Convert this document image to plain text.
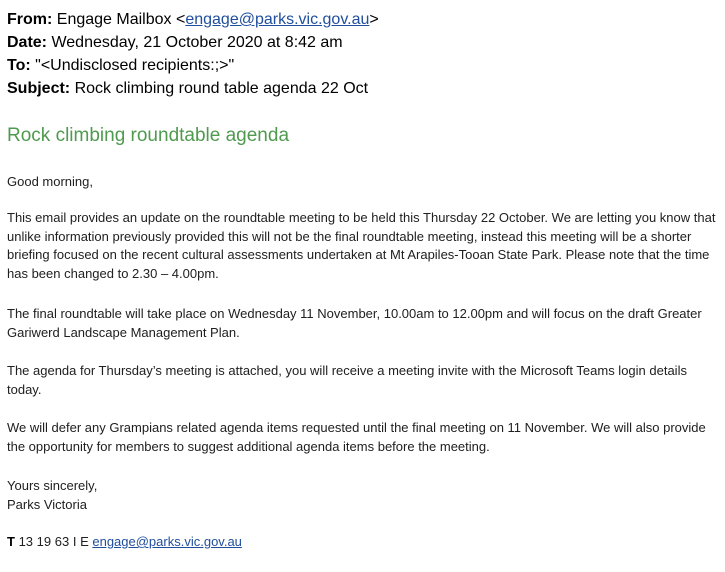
From: Engage Mailbox <engage@parks.vic.gov.au>
Date: Wednesday, 21 October 2020 at 8:42 am
To: "<Undisclosed recipients:;>"
Subject: Rock climbing round table agenda 22 Oct
Rock climbing roundtable agenda
Good morning,
This email provides an update on the roundtable meeting to be held this Thursday 22 October. We are letting you know that unlike information previously provided this will not be the final roundtable meeting, instead this meeting will be a shorter briefing focused on the recent cultural assessments undertaken at Mt Arapiles-Tooan State Park. Please note that the time has been changed to 2.30 – 4.00pm.
The final roundtable will take place on Wednesday 11 November, 10.00am to 12.00pm and will focus on the draft Greater Gariwerd Landscape Management Plan.
The agenda for Thursday’s meeting is attached, you will receive a meeting invite with the Microsoft Teams login details today.
We will defer any Grampians related agenda items requested until the final meeting on 11 November. We will also provide the opportunity for members to suggest additional agenda items before the meeting.
Yours sincerely,
Parks Victoria
T 13 19 63 I E engage@parks.vic.gov.au
